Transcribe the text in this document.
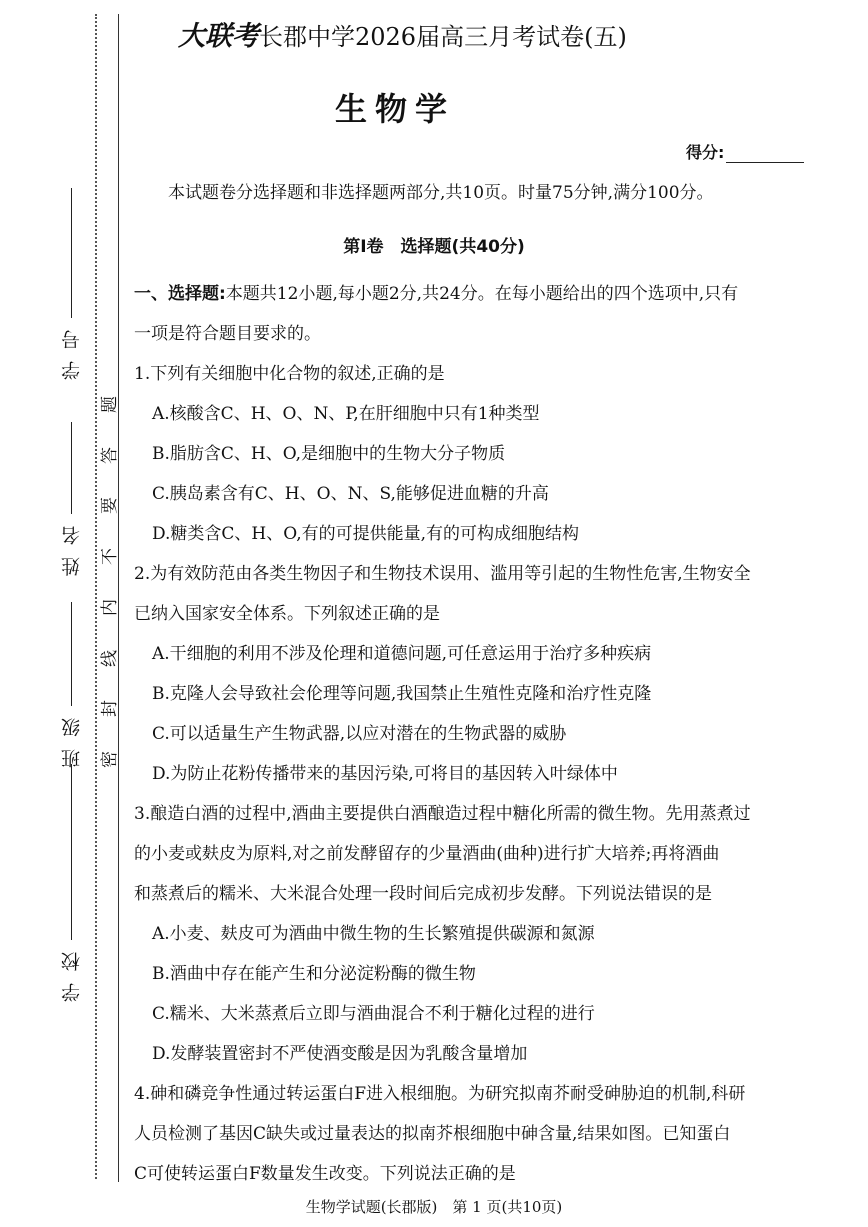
学号
姓名
班级
学校
题
答
要
不
内
线
封
密
大联考长郡中学2026届高三月考试卷(五)
生物学
得分:
本试题卷分选择题和非选择题两部分,共10页。时量75分钟,满分100分。
第Ⅰ卷　选择题(共40分)
一、选择题:本题共12小题,每小题2分,共24分。在每小题给出的四个选项中,只有
一项是符合题目要求的。
1.下列有关细胞中化合物的叙述,正确的是
A.核酸含C、H、O、N、P,在肝细胞中只有1种类型
B.脂肪含C、H、O,是细胞中的生物大分子物质
C.胰岛素含有C、H、O、N、S,能够促进血糖的升高
D.糖类含C、H、O,有的可提供能量,有的可构成细胞结构
2.为有效防范由各类生物因子和生物技术误用、滥用等引起的生物性危害,生物安全
已纳入国家安全体系。下列叙述正确的是
A.干细胞的利用不涉及伦理和道德问题,可任意运用于治疗多种疾病
B.克隆人会导致社会伦理等问题,我国禁止生殖性克隆和治疗性克隆
C.可以适量生产生物武器,以应对潜在的生物武器的威胁
D.为防止花粉传播带来的基因污染,可将目的基因转入叶绿体中
3.酿造白酒的过程中,酒曲主要提供白酒酿造过程中糖化所需的微生物。先用蒸煮过
的小麦或麸皮为原料,对之前发酵留存的少量酒曲(曲种)进行扩大培养;再将酒曲
和蒸煮后的糯米、大米混合处理一段时间后完成初步发酵。下列说法错误的是
A.小麦、麸皮可为酒曲中微生物的生长繁殖提供碳源和氮源
B.酒曲中存在能产生和分泌淀粉酶的微生物
C.糯米、大米蒸煮后立即与酒曲混合不利于糖化过程的进行
D.发酵装置密封不严使酒变酸是因为乳酸含量增加
4.砷和磷竞争性通过转运蛋白F进入根细胞。为研究拟南芥耐受砷胁迫的机制,科研
人员检测了基因C缺失或过量表达的拟南芥根细胞中砷含量,结果如图。已知蛋白
C可使转运蛋白F数量发生改变。下列说法正确的是
生物学试题(长郡版)　第 1 页(共10页)
